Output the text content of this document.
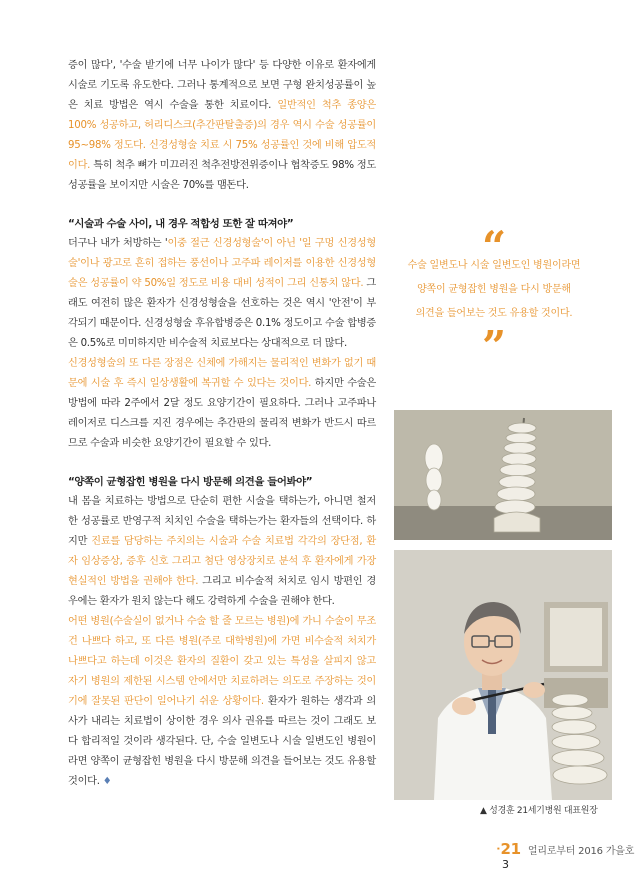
증이 많다', '수술 받기에 너무 나이가 많다' 등 다양한 이유로 환자에게 시술로 기도록 유도한다. 그러나 통계적으로 보면 구형 완치성공률이 높은 치료 방법은 역시 수술을 통한 치료이다. 일반적인 척추 종양은 100% 성공하고, 허리디스크(추간판탈출증)의 경우 역시 수술 성공률이 95~98% 정도다. 신경성형술 치료 시 75% 성공률인 것에 비해 압도적이다. 특히 척추 뼈가 미끄러진 척추전방전위증이나 협착증도 98% 정도 성공률을 보이지만 시술은 70%를 맴돈다.

“시술과 수술 사이, 내 경우 적합성 또한 잘 따져야”

더구나 내가 처방하는 '이중 절근 신경성형술'이 아닌 '일 구멍 신경성형술'이나 광고로 흔히 접하는 풍선이나 고주파 레이저를 이용한 신경성형술은 성공률이 약 50%일 정도로 비용 대비 성적이 그리 신통치 않다. 그래도 여전히 많은 환자가 신경성형술을 선호하는 것은 역시 '안전'이 부각되기 때문이다. 신경성형술 후유합병증은 0.1% 정도이고 수술 합병증은 0.5%로 미미하지만 비수술적 치료보다는 상대적으로 더 많다.

신경성형술의 또 다른 장점은 신체에 가해지는 물리적인 변화가 없기 때문에 시술 후 즉시 일상생활에 복귀할 수 있다는 것이다. 하지만 수술은 방법에 따라 2주에서 2달 정도 요양기간이 필요하다. 그러나 고주파나 레이저로 디스크를 지진 경우에는 추간판의 물리적 변화가 반드시 따르므로 수술과 비슷한 요양기간이 필요할 수 있다.

“양쪽이 균형잡힌 병원을 다시 방문해 의견을 들어봐야”

내 몸을 치료하는 방법으로 단순히 편한 시술을 택하는가, 아니면 철저한 성공률로 반영구적 치치인 수술을 택하는가는 환자들의 선택이다. 하지만 진료를 담당하는 주치의는 시술과 수술 치료법 각각의 장단점, 환자 임상증상, 증후 신호 그리고 첨단 영상장치로 분석 후 환자에게 가장 현실적인 방법을 권해야 한다. 그리고 비수술적 처치로 임시 방편인 경우에는 환자가 원치 않는다 해도 강력하게 수술을 권해야 한다.

어떤 병원(수술실이 없거나 수술 할 줄 모르는 병원)에 가니 수술이 무조건 나쁘다 하고, 또 다른 병원(주로 대학병원)에 가면 비수술적 처치가 나쁘다고 하는데 이것은 환자의 질환이 갖고 있는 특성을 살피지 않고 자기 병원의 제한된 시스템 안에서만 치료하려는 의도로 주장하는 것이기에 잘못된 판단이 일어나기 쉬운 상황이다. 환자가 원하는 생각과 의사가 내리는 치료법이 상이한 경우 의사 권유를 따르는 것이 그래도 보다 합리적일 것이라 생각된다. 단, 수술 일변도나 시술 일변도인 병원이라면 양쪽이 균형잡힌 병원을 다시 방문해 의견을 들어보는 것도 유용할 것이다. ♦

“
수술 일변도나 시술 일변도인 병원이라면
양쪽이 균형잡힌 병원을 다시 방문해
의견을 들어보는 것도 유용할 것이다.
”
▲ 성경훈 21세기병원 대표원장
ᐧ21 얼리로부터 2016 가을호 3
